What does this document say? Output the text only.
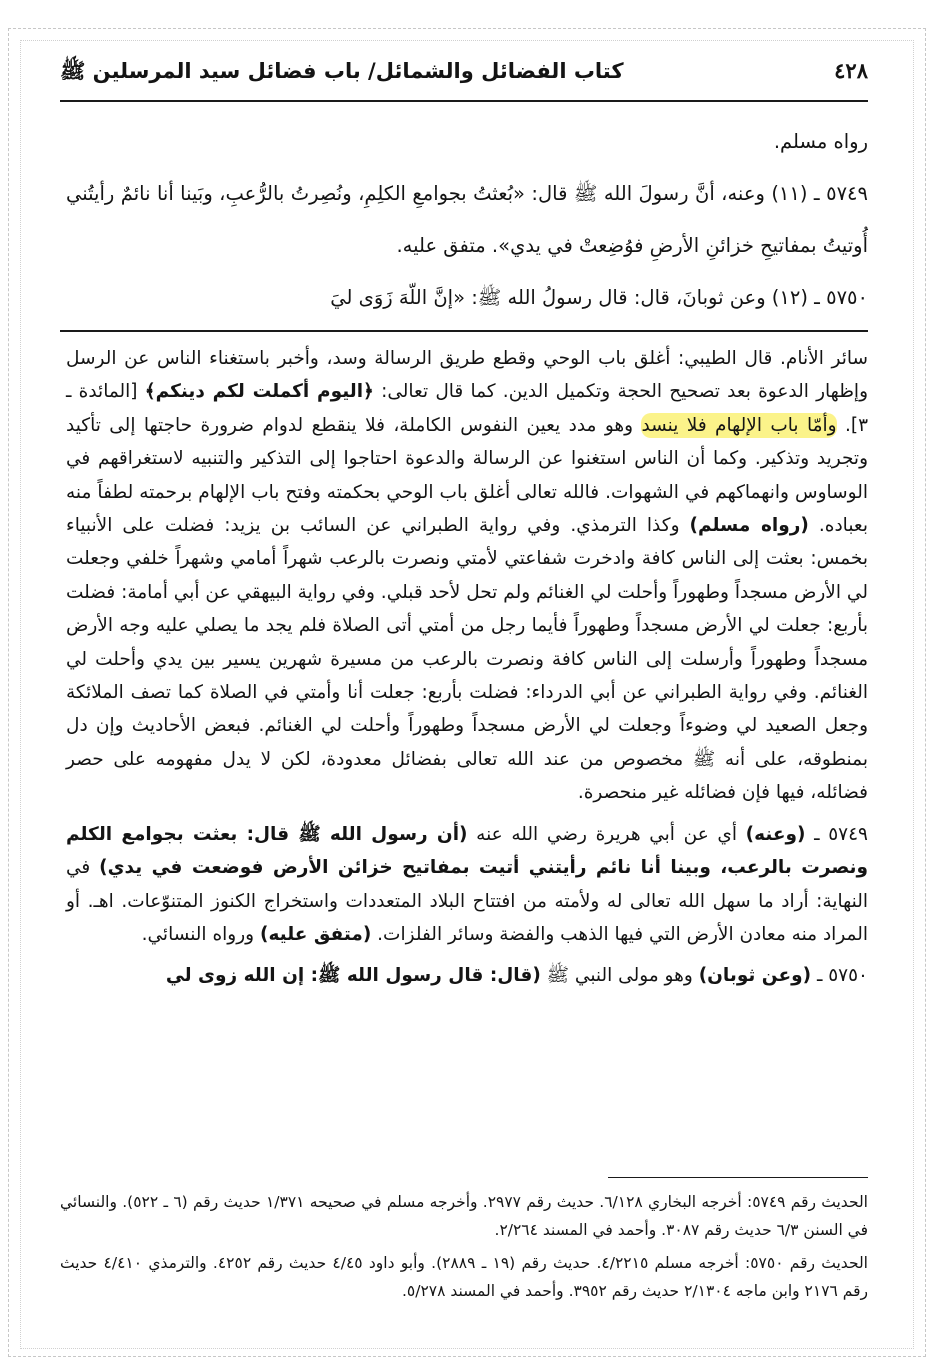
٤٢٨
كتاب الفضائل والشمائل/ باب فضائل سيد المرسلين ﷺ

رواه مسلم.

٥٧٤٩ ـ (١١) وعنه، أنَّ رسولَ الله ﷺ قال: «بُعثتُ بجوامعِ الكلِمِ، ونُصِرتُ بالرُّعبِ، وبَينا أنا نائمٌ رأيتُني أُوتيتُ بمفاتيحِ خزائنِ الأرضِ فوُضِعتْ في يدي». متفق عليه.

٥٧٥٠ ـ (١٢) وعن ثوبانَ، قال: قال رسولُ الله ﷺ: «إنَّ اللّهَ زَوَى ليَ

سائر الأنام. قال الطيبي: أغلق باب الوحي وقطع طريق الرسالة وسد، وأخبر باستغناء الناس عن الرسل وإظهار الدعوة بعد تصحيح الحجة وتكميل الدين. كما قال تعالى: ﴿اليوم أكملت لكم دينكم﴾ [المائدة ـ ٣]. وأمّا باب الإلهام فلا ينسد وهو مدد يعين النفوس الكاملة، فلا ينقطع لدوام ضرورة حاجتها إلى تأكيد وتجريد وتذكير. وكما أن الناس استغنوا عن الرسالة والدعوة احتاجوا إلى التذكير والتنبيه لاستغراقهم في الوساوس وانهماكهم في الشهوات. فالله تعالى أغلق باب الوحي بحكمته وفتح باب الإلهام برحمته لطفاً منه بعباده. (رواه مسلم) وكذا الترمذي. وفي رواية الطبراني عن السائب بن يزيد: فضلت على الأنبياء بخمس: بعثت إلى الناس كافة وادخرت شفاعتي لأمتي ونصرت بالرعب شهراً أمامي وشهراً خلفي وجعلت لي الأرض مسجداً وطهوراً وأحلت لي الغنائم ولم تحل لأحد قبلي. وفي رواية البيهقي عن أبي أمامة: فضلت بأربع: جعلت لي الأرض مسجداً وطهوراً فأيما رجل من أمتي أتى الصلاة فلم يجد ما يصلي عليه وجه الأرض مسجداً وطهوراً وأرسلت إلى الناس كافة ونصرت بالرعب من مسيرة شهرين يسير بين يدي وأحلت لي الغنائم. وفي رواية الطبراني عن أبي الدرداء: فضلت بأربع: جعلت أنا وأمتي في الصلاة كما تصف الملائكة وجعل الصعيد لي وضوءاً وجعلت لي الأرض مسجداً وطهوراً وأحلت لي الغنائم. فبعض الأحاديث وإن دل بمنطوقه، على أنه ﷺ مخصوص من عند الله تعالى بفضائل معدودة، لكن لا يدل مفهومه على حصر فضائله، فيها فإن فضائله غير منحصرة.

٥٧٤٩ ـ (وعنه) أي عن أبي هريرة رضي الله عنه (أن رسول الله ﷺ قال: بعثت بجوامع الكلم ونصرت بالرعب، وبينا أنا نائم رأيتني أتيت بمفاتيح خزائن الأرض فوضعت في يدي) في النهاية: أراد ما سهل الله تعالى له ولأمته من افتتاح البلاد المتعددات واستخراج الكنوز المتنوّعات. اهـ. أو المراد منه معادن الأرض التي فيها الذهب والفضة وسائر الفلزات. (متفق عليه) ورواه النسائي.

٥٧٥٠ ـ (وعن ثوبان) وهو مولى النبي ﷺ (قال: قال رسول الله ﷺ: إن الله زوى لي

الحديث رقم ٥٧٤٩: أخرجه البخاري ٦/١٢٨. حديث رقم ٢٩٧٧. وأخرجه مسلم في صحيحه ١/٣٧١ حديث رقم (٦ ـ ٥٢٢). والنسائي في السنن ٦/٣ حديث رقم ٣٠٨٧. وأحمد في المسند ٢/٢٦٤.

الحديث رقم ٥٧٥٠: أخرجه مسلم ٤/٢٢١٥. حديث رقم (١٩ ـ ٢٨٨٩). وأبو داود ٤/٤٥ حديث رقم ٤٢٥٢. والترمذي ٤/٤١٠ حديث رقم ٢١٧٦ وابن ماجه ٢/١٣٠٤ حديث رقم ٣٩٥٢. وأحمد في المسند ٥/٢٧٨.
